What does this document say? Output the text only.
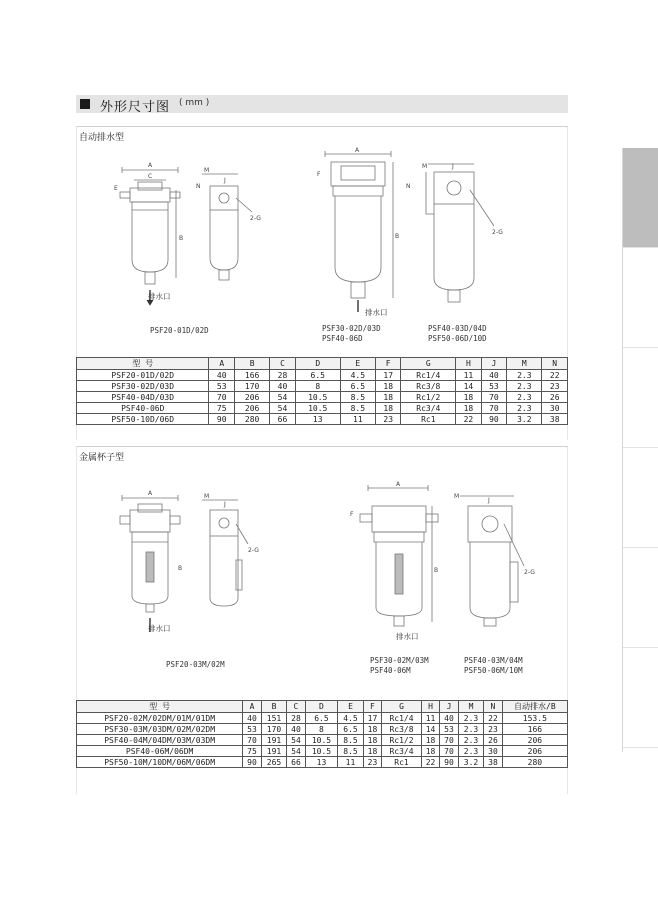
外形尺寸图 ( mm )
自动排水型
A
C
B
E
排水口
M
J
N
2-G
PSF20-01D/02D
A
B
F
排水口
PSF30-02D/03D
PSF40-06D
M	J
N
2-G
PSF40-03D/04D
PSF50-06D/10D
型 号	A	B	C	D	E	F	G	H	J	M	N
PSF20-01D/02D	40	166	28	6.5	4.5	17	Rc1/4	11	40	2.3	22
PSF30-02D/03D	53	170	40	8	6.5	18	Rc3/8	14	53	2.3	23
PSF40-04D/03D	70	206	54	10.5	8.5	18	Rc1/2	18	70	2.3	26
PSF40-06D	75	206	54	10.5	8.5	18	Rc3/4	18	70	2.3	30
PSF50-10D/06D	90	280	66	13	11	23	Rc1	22	90	3.2	38
金属杯子型
A
B
排水口
M
J
2-G
PSF20-03M/02M
A
B
F
排水口
PSF30-02M/03M
PSF40-06M
M
J
2-G
PSF40-03M/04M
PSF50-06M/10M
型 号	A	B	C	D	E	F	G	H	J	M	N	自动排水/B
PSF20-02M/02DM/01M/01DM	40	151	28	6.5	4.5	17	Rc1/4	11	40	2.3	22	153.5
PSF30-03M/03DM/02M/02DM	53	170	40	8	6.5	18	Rc3/8	14	53	2.3	23	166
PSF40-04M/04DM/03M/03DM	70	191	54	10.5	8.5	18	Rc1/2	18	70	2.3	26	206
PSF40-06M/06DM	75	191	54	10.5	8.5	18	Rc3/4	18	70	2.3	30	206
PSF50-10M/10DM/06M/06DM	90	265	66	13	11	23	Rc1	22	90	3.2	38	280
